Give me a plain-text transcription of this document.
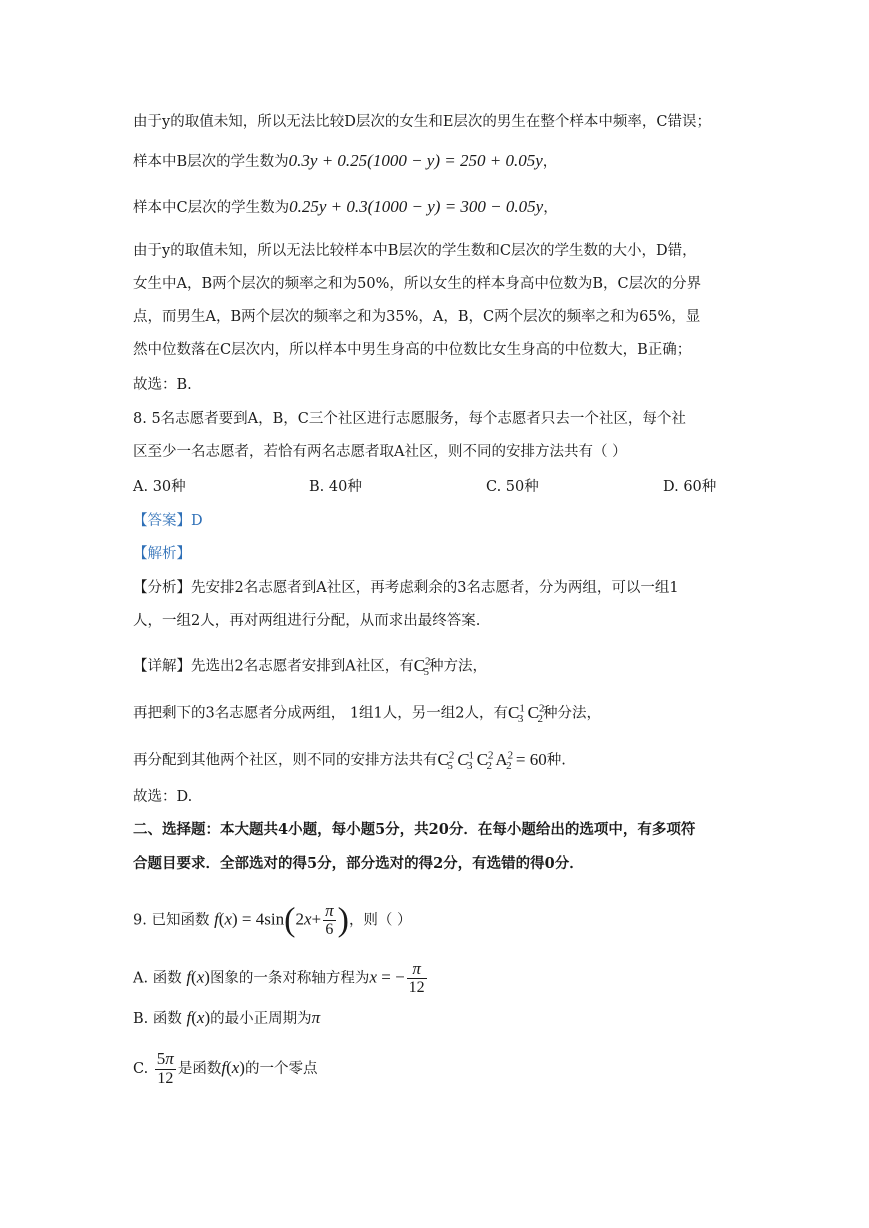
由于y的取值未知，所以无法比较D层次的女生和E层次的男生在整个样本中频率，C错误；
样本中B层次的学生数为0.3y + 0.25(1000 − y) = 250 + 0.05y，
样本中C层次的学生数为0.25y + 0.3(1000 − y) = 300 − 0.05y，
由于y的取值未知，所以无法比较样本中B层次的学生数和C层次的学生数的大小，D错，
女生中A，B两个层次的频率之和为50%，所以女生的样本身高中位数为B，C层次的分界
点，而男生A，B两个层次的频率之和为35%，A，B，C两个层次的频率之和为65%，显
然中位数落在C层次内，所以样本中男生身高的中位数比女生身高的中位数大，B正确；
故选：B.
8. 5名志愿者要到A，B，C三个社区进行志愿服务，每个志愿者只去一个社区，每个社
区至少一名志愿者，若恰有两名志愿者取A社区，则不同的安排方法共有（ ）
A. 30种	B. 40种	C. 50种	D. 60种
【答案】D
【解析】
【分析】先安排2名志愿者到A社区，再考虑剩余的3名志愿者，分为两组，可以一组1
人，一组2人，再对两组进行分配，从而求出最终答案.
【详解】先选出2名志愿者安排到A社区，有$C^2_5$种方法，
再把剩下的3名志愿者分成两组， 1组1人，另一组2人，有$C^1_3$ $C^2_2$种分法，
再分配到其他两个社区，则不同的安排方法共有$C^2_5$ $C^1_3$ $C^2_2$ $A^2_2 = 60$种.
故选：D.
二、选择题：本大题共4小题，每小题5分，共20分．在每小题给出的选项中，有多项符
合题目要求．全部选对的得5分，部分选对的得2分，有选错的得0分．
9. 已知函数 $f(x) = 4\sin(2x+ \frac{\pi}{6}$ )，则（ ）
A. 函数 f(x)图象的一条对称轴方程为x = − $\frac{\pi}{12}$
B. 函数 f(x)的最小正周期为π
C. $\frac{5\pi}{12}$ 是函数f(x)的一个零点
